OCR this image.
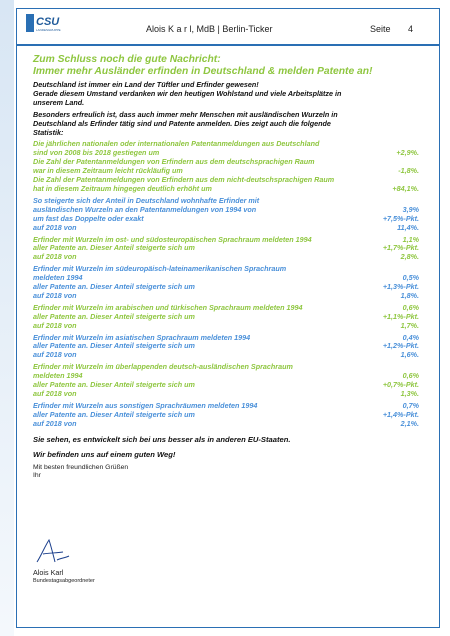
CSU
LANDESGRUPPE	Alois K a r l, MdB | Berlin-Ticker	Seite 4
Zum Schluss noch die gute Nachricht:
Immer mehr Ausländer erfinden in Deutschland & melden Patente an!
Deutschland ist immer ein Land der Tüftler und Erfinder gewesen!
Gerade diesem Umstand verdanken wir den heutigen Wohlstand und viele Arbeitsplätze in
unserem Land.
Besonders erfreulich ist, dass auch immer mehr Menschen mit ausländischen Wurzeln in
Deutschland als Erfinder tätig sind und Patente anmelden. Dies zeigt auch die folgende
Statistik:
Die jährlichen nationalen oder internationalen Patentanmeldungen aus Deutschland
sind von 2008 bis 2018 gestiegen um	+2,9%.
Die Zahl der Patentanmeldungen von Erfindern aus dem deutschsprachigen Raum
war in diesem Zeitraum leicht rückläufig um	-1,8%.
Die Zahl der Patentanmeldungen von Erfindern aus dem nicht-deutschsprachigen Raum
hat in diesem Zeitraum hingegen deutlich erhöht um	+84,1%.
So steigerte sich der Anteil in Deutschland wohnhafte Erfinder mit
ausländischen Wurzeln an den Patentanmeldungen von 1994 von	3,9%
um fast das Doppelte oder exakt	+7,5%-Pkt.
auf 2018 von	11,4%.
Erfinder mit Wurzeln im ost- und südosteuropäischen Sprachraum meldeten 1994	1,1%
aller Patente an. Dieser Anteil steigerte sich um	+1,7%-Pkt.
auf 2018 von	2,8%.
Erfinder mit Wurzeln im südeuropäisch-lateinamerikanischen Sprachraum
meldeten 1994	0,5%
aller Patente an. Dieser Anteil steigerte sich um	+1,3%-Pkt.
auf 2018 von	1,8%.
Erfinder mit Wurzeln im arabischen und türkischen Sprachraum meldeten 1994	0,6%
aller Patente an. Dieser Anteil steigerte sich um	+1,1%-Pkt.
auf 2018 von	1,7%.
Erfinder mit Wurzeln im asiatischen Sprachraum meldeten 1994	0,4%
aller Patente an. Dieser Anteil steigerte sich um	+1,2%-Pkt.
auf 2018 von	1,6%.
Erfinder mit Wurzeln im überlappenden deutsch-ausländischen Sprachraum
meldeten 1994	0,6%
aller Patente an. Dieser Anteil steigerte sich um	+0,7%-Pkt.
auf 2018 von	1,3%.
Erfinder mit Wurzeln aus sonstigen Sprachräumen meldeten 1994	0,7%
aller Patente an. Dieser Anteil steigerte sich um	+1,4%-Pkt.
auf 2018 von	2,1%.
Sie sehen, es entwickelt sich bei uns besser als in anderen EU-Staaten.
Wir befinden uns auf einem guten Weg!
Mit besten freundlichen Grüßen
Ihr
Alois Karl
Bundestagsabgeordneter
